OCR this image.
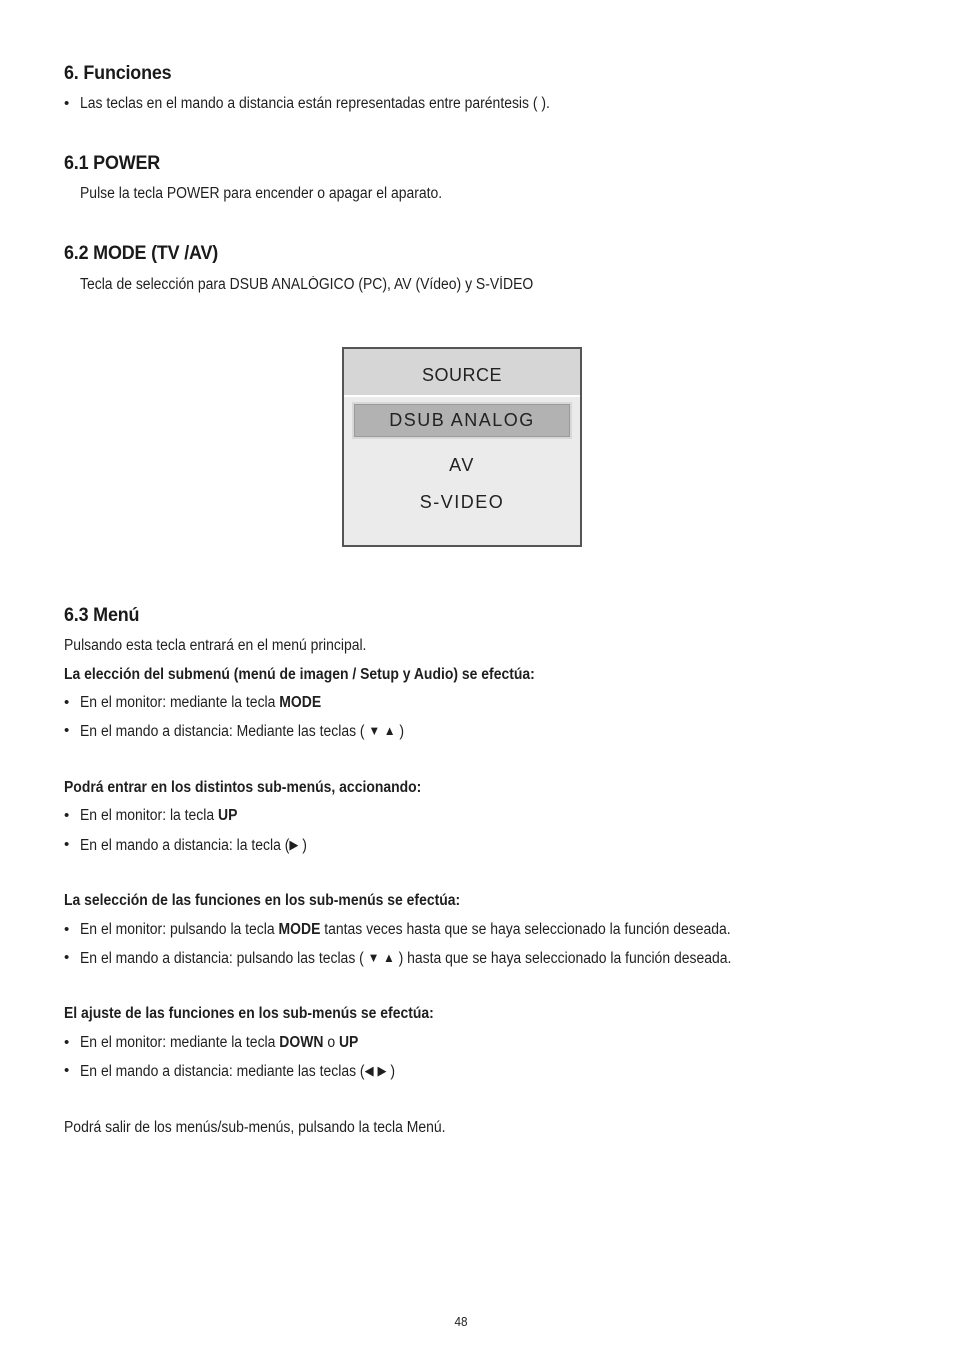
6. Funciones
• Las teclas en el mando a distancia están representadas entre paréntesis ( ).
6.1 POWER
Pulse la tecla POWER para encender o apagar el aparato.
6.2 MODE (TV /AV)
Tecla de selección para DSUB ANALÓGICO (PC), AV (Vídeo) y S-VÍDEO
SOURCE
DSUB ANALOG
AV
S-VIDEO
6.3 Menú
Pulsando esta tecla entrará en el menú principal.
La elección del submenú (menú de imagen / Setup y Audio) se efectúa:
• En el monitor: mediante la tecla MODE
• En el mando a distancia: Mediante las teclas ( ▼ ▲ )
Podrá entrar en los distintos sub-menús, accionando:
• En el monitor: la tecla UP
• En el mando a distancia: la tecla (▶ )
La selección de las funciones en los sub-menús se efectúa:
• En el monitor: pulsando la tecla MODE tantas veces hasta que se haya seleccionado la función deseada.
• En el mando a distancia: pulsando las teclas ( ▼ ▲ ) hasta que se haya seleccionado la función deseada.
El ajuste de las funciones en los sub-menús se efectúa:
• En el monitor: mediante la tecla DOWN o UP
• En el mando a distancia: mediante las teclas (◀ ▶ )
Podrá salir de los menús/sub-menús, pulsando la tecla Menú.
48
